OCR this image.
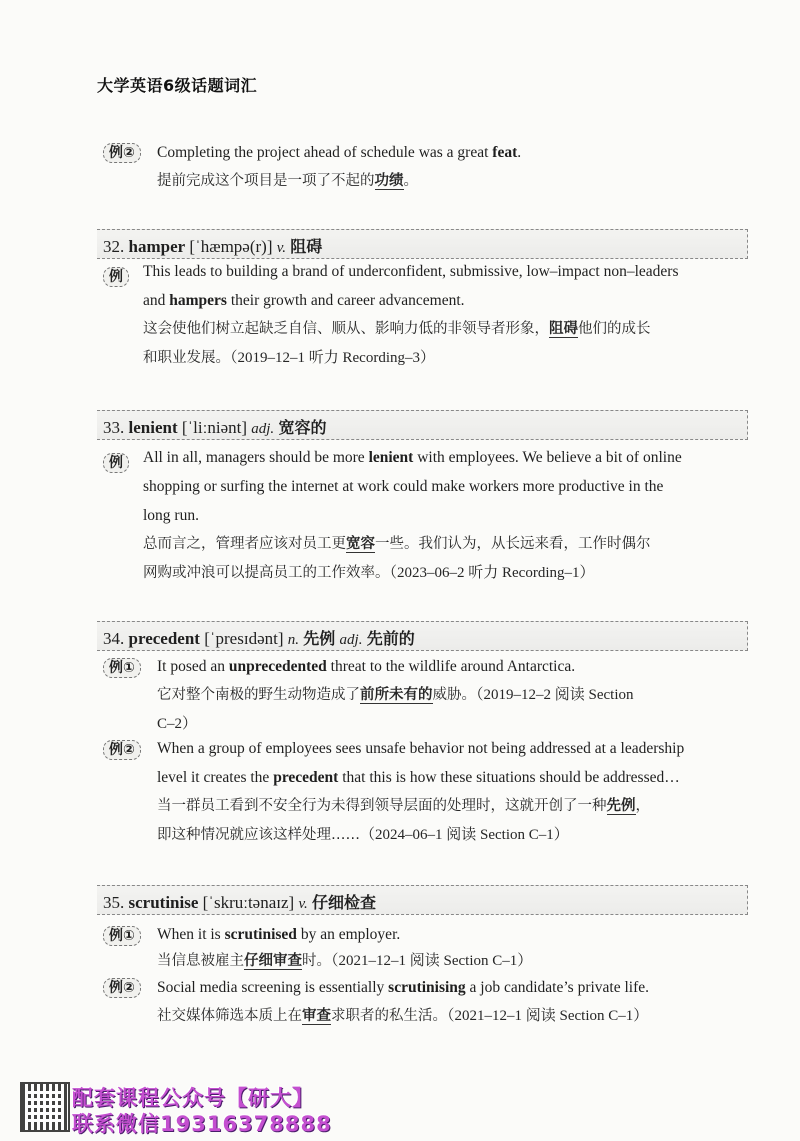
大学英语6级话题词汇
例②	Completing the project ahead of schedule was a great feat.
提前完成这个项目是一项了不起的功绩。
32. hamper [ˈhæmpə(r)] v. 阻碍
例	This leads to building a brand of underconfident, submissive, low–impact non–leaders
and hampers their growth and career advancement.
这会使他们树立起缺乏自信、顺从、影响力低的非领导者形象，阻碍他们的成长
和职业发展。（2019–12–1 听力 Recording–3）
33. lenient [ˈliːniənt] adj. 宽容的
例	All in all, managers should be more lenient with employees. We believe a bit of online
shopping or surfing the internet at work could make workers more productive in the
long run.
总而言之，管理者应该对员工更宽容一些。我们认为，从长远来看，工作时偶尔
网购或冲浪可以提高员工的工作效率。（2023–06–2 听力 Recording–1）
34. precedent [ˈpresɪdənt] n. 先例 adj. 先前的
例①	It posed an unprecedented threat to the wildlife around Antarctica.
它对整个南极的野生动物造成了前所未有的威胁。（2019–12–2 阅读 Section
C–2）
例②	When a group of employees sees unsafe behavior not being addressed at a leadership
level it creates the precedent that this is how these situations should be addressed…
当一群员工看到不安全行为未得到领导层面的处理时，这就开创了一种先例，
即这种情况就应该这样处理……（2024–06–1 阅读 Section C–1）
35. scrutinise [ˈskruːtənaɪz] v. 仔细检查
例①	When it is scrutinised by an employer.
当信息被雇主仔细审查时。（2021–12–1 阅读 Section C–1）
例②	Social media screening is essentially scrutinising a job candidate’s private life.
社交媒体筛选本质上在审查求职者的私生活。（2021–12–1 阅读 Section C–1）
配套课程公众号【研大】
联系微信19316378888
